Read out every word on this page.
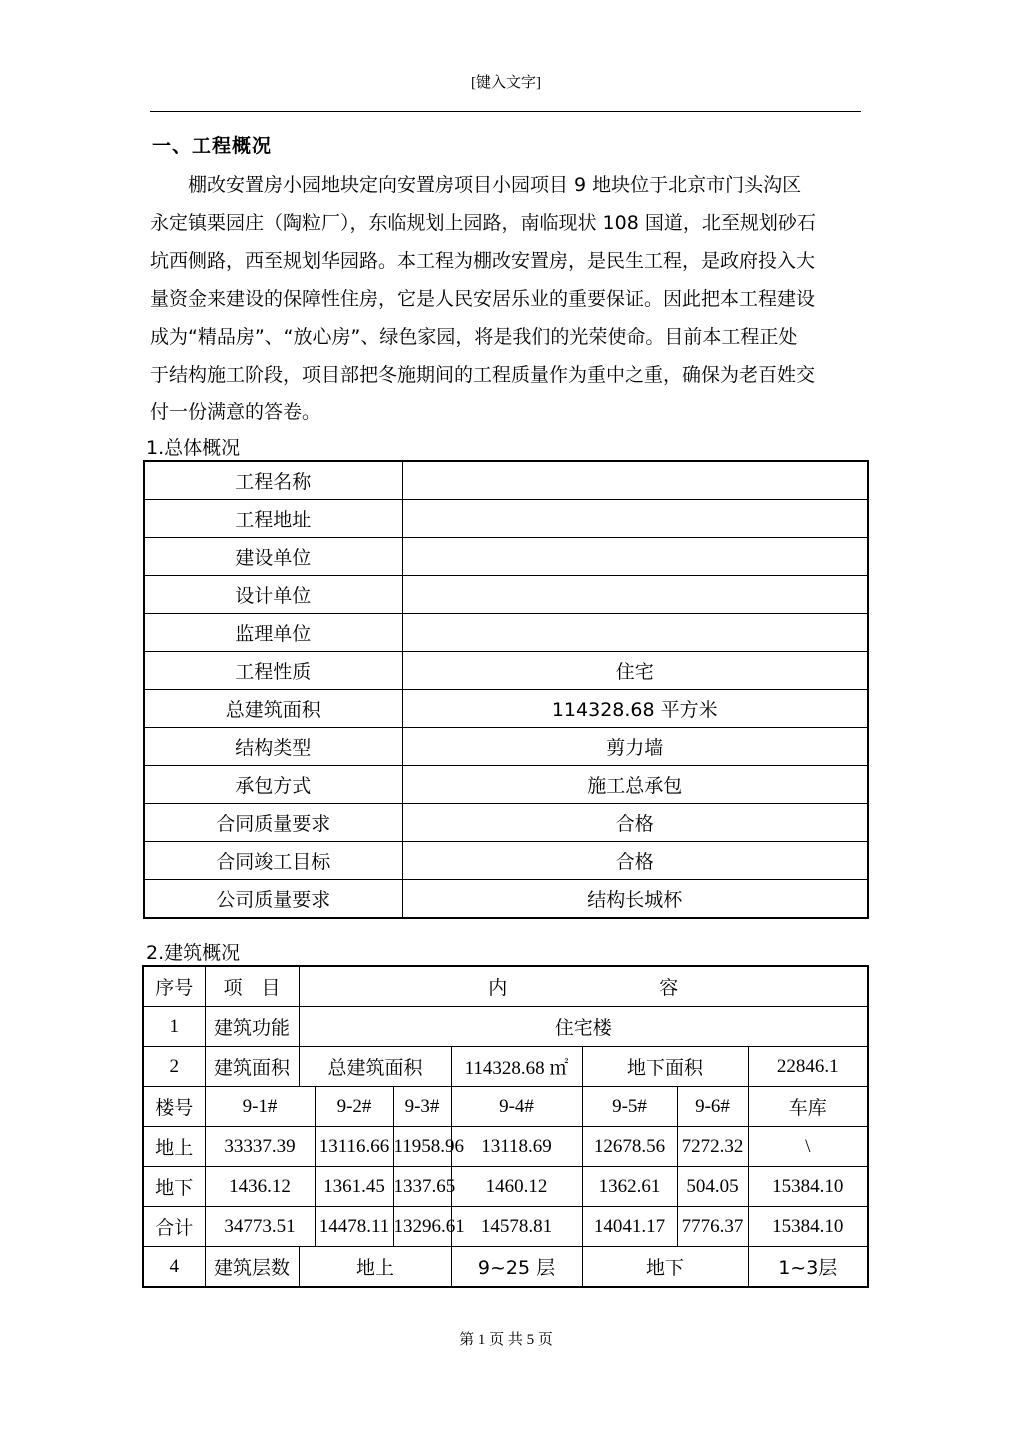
[键入文字]
一、工程概况
　　棚改安置房小园地块定向安置房项目小园项目 9 地块位于北京市门头沟区
永定镇栗园庄（陶粒厂），东临规划上园路，南临现状 108 国道，北至规划砂石
坑西侧路，西至规划华园路。本工程为棚改安置房，是民生工程，是政府投入大
量资金来建设的保障性住房，它是人民安居乐业的重要保证。因此把本工程建设
成为“精品房”、“放心房”、绿色家园，将是我们的光荣使命。目前本工程正处
于结构施工阶段，项目部把冬施期间的工程质量作为重中之重，确保为老百姓交
付一份满意的答卷。
1.总体概况
工程名称	
工程地址	
建设单位	
设计单位	
监理单位	
工程性质	住宅
总建筑面积	114328.68 平方米
结构类型	剪力墙
承包方式	施工总承包
合同质量要求	合格
合同竣工目标	合格
公司质量要求	结构长城杯
2.建筑概况
序号	项　目	内 容						
1	建筑功能	住宅楼						
2	建筑面积	总建筑面积			114328.68 ㎡	地下面积		22846.1
楼号	9-1#		9-2#	9-3#	9-4#	9-5#	9-6#	车库
地上	33337.39		13116.66	11958.96	13118.69	12678.56	7272.32	\
地下	1436.12		1361.45	1337.65	1460.12	1362.61	504.05	15384.10
合计	34773.51		14478.11	13296.61	14578.81	14041.17	7776.37	15384.10
4	建筑层数	地上			9~25 层	地下		1~3层
第 1 页 共 5 页
